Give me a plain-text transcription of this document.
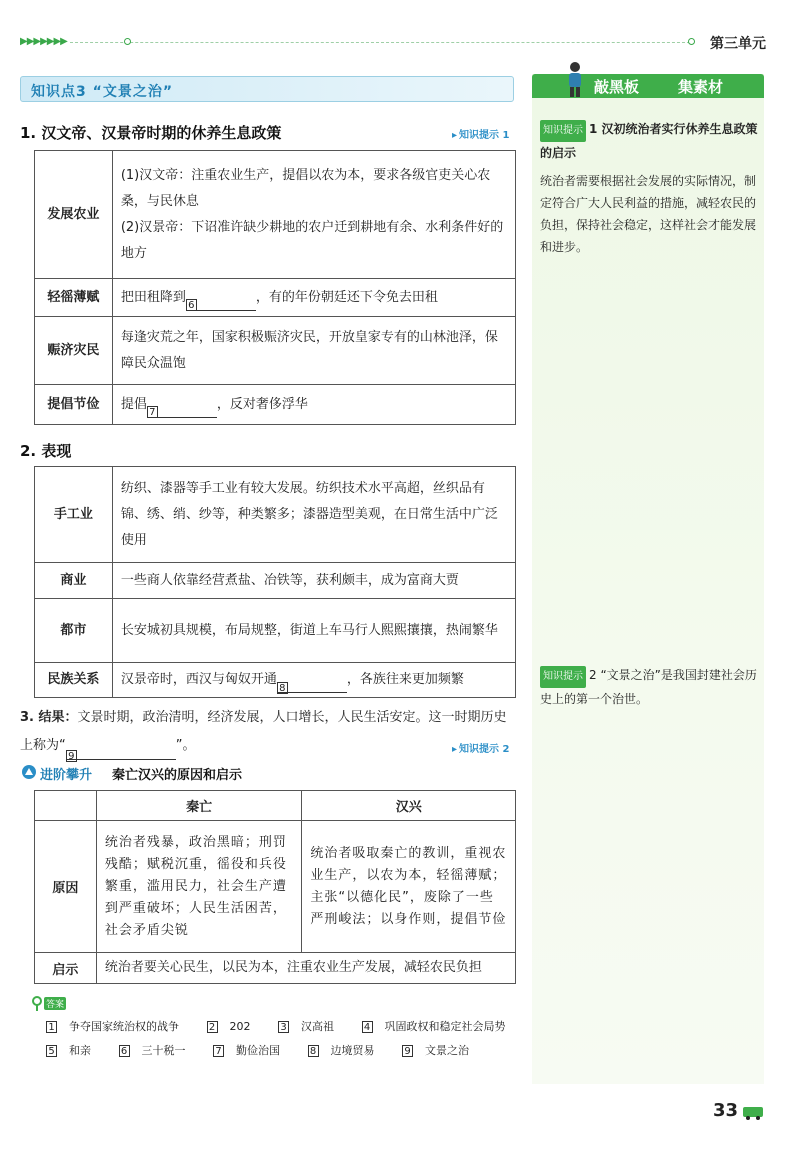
▶▶▶▶▶▶▶	第三单元
知识点3 “文景之治”	敲黑板	集素材
知识提示 1 汉初统治者实行休养生息政策的启示
统治者需要根据社会发展的实际情况，制定符合广大人民利益的措施，减轻农民的负担，保持社会稳定，这样社会才能发展和进步。
知识提示 2 “文景之治”是我国封建社会历史上的第一个治世。
1. 汉文帝、汉景帝时期的休养生息政策	▸ 知识提示 1
发展农业	(1)汉文帝：注重农业生产，提倡以农为本，要求各级官吏关心农桑，与民休息
(2)汉景帝：下诏准许缺少耕地的农户迁到耕地有余、水利条件好的地方

轻徭薄赋	把田租降到6，有的年份朝廷还下令免去田租
赈济灾民	每逢灾荒之年，国家积极赈济灾民，开放皇家专有的山林池泽，保障民众温饱
提倡节俭	提倡7，反对奢侈浮华
2. 表现
手工业	纺织、漆器等手工业有较大发展。纺织技术水平高超，丝织品有锦、绣、绡、纱等，种类繁多；漆器造型美观，在日常生活中广泛使用
商业	一些商人依靠经营煮盐、冶铁等，获利颇丰，成为富商大贾
都市	长安城初具规模，布局规整，街道上车马行人熙熙攘攘，热闹繁华
民族关系	汉景帝时，西汉与匈奴开通8，各族往来更加频繁
3. 结果：文景时期，政治清明，经济发展，人口增长，人民生活安定。这一时期历史上称为“9”。	▸ 知识提示 2
进阶攀升 秦亡汉兴的原因和启示
	秦亡	汉兴
原因	统治者残暴，政治黑暗；刑罚残酷；赋税沉重，徭役和兵役繁重，滥用民力，社会生产遭到严重破坏；人民生活困苦，社会矛盾尖锐	统治者吸取秦亡的教训，重视农业生产，以农为本，轻徭薄赋；主张“以德化民”，废除了一些严刑峻法；以身作则，提倡节俭
启示	统治者要关心民生，以民为本，注重农业生产发展，减轻农民负担	
答案
1 争夺国家统治权的战争	2 202	3 汉高祖	4 巩固政权和稳定社会局势
5 和亲	6 三十税一	7 勤俭治国	8 边境贸易	9 文景之治
33
